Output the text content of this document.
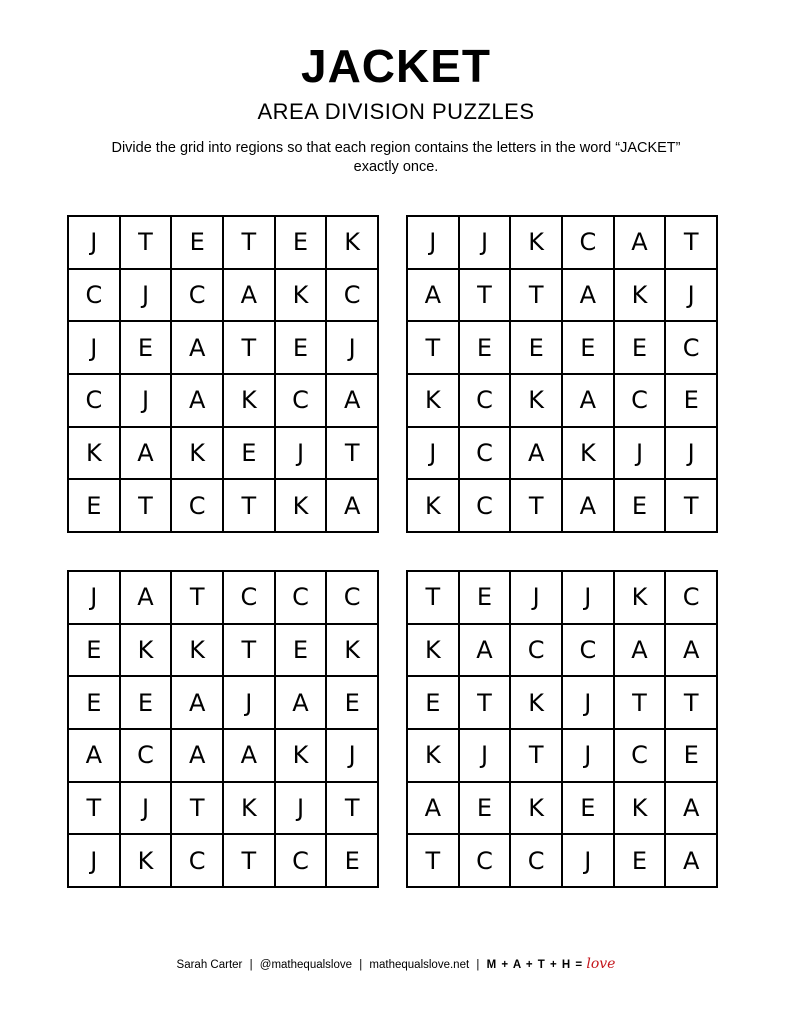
JACKET
AREA DIVISION PUZZLES
Divide the grid into regions so that each region contains the letters in the word “JACKET” exactly once.
J	T	E	T	E	K
C	J	C	A	K	C
J	E	A	T	E	J
C	J	A	K	C	A
K	A	K	E	J	T
E	T	C	T	K	A
J	J	K	C	A	T
A	T	T	A	K	J
T	E	E	E	E	C
K	C	K	A	C	E
J	C	A	K	J	J
K	C	T	A	E	T
J	A	T	C	C	C
E	K	K	T	E	K
E	E	A	J	A	E
A	C	A	A	K	J
T	J	T	K	J	T
J	K	C	T	C	E
T	E	J	J	K	C
K	A	C	C	A	A
E	T	K	J	T	T
K	J	T	J	C	E
A	E	K	E	K	A
T	C	C	J	E	A
Sarah Carter | @mathequalslove | mathequalslove.net | M + A + T + H = love
